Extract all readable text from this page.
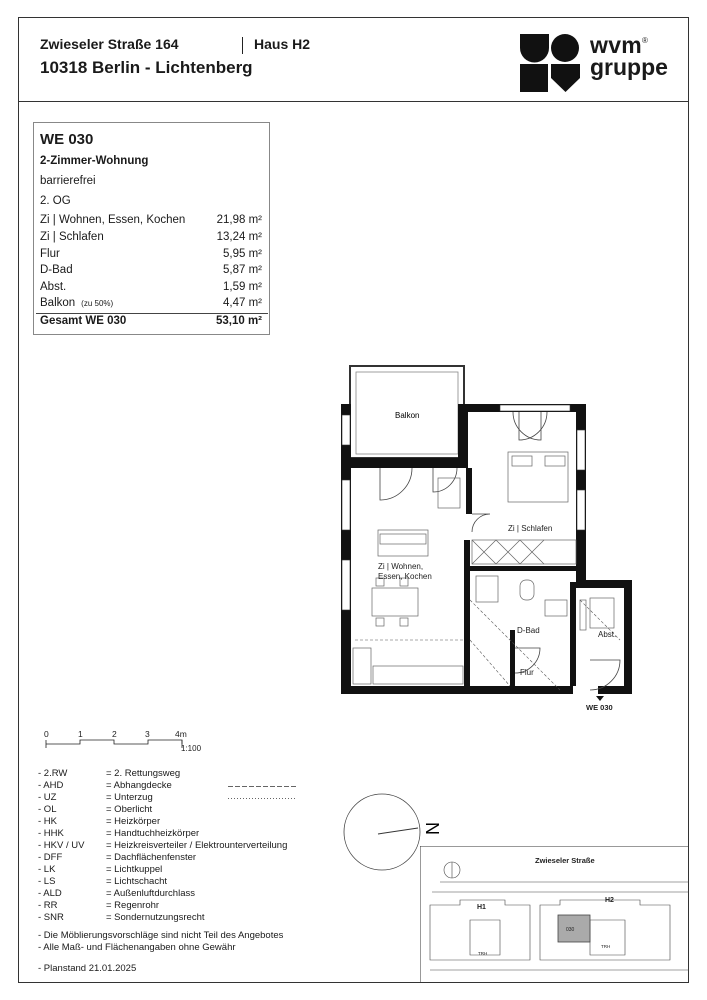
Zwieseler Straße 164
10318 Berlin - Lichtenberg
Haus H2	wvm®
gruppe
WE 030
2-Zimmer-Wohnung
barrierefrei
2. OG
Zi | Wohnen, Essen, Kochen	21,98 m²
Zi | Schlafen	13,24 m²
Flur	5,95 m²
D-Bad	5,87 m²
Abst.	1,59 m²
Balkon (zu 50%)	4,47 m²
Gesamt WE 030	53,10 m²
Balkon
Zi | Schlafen
Zi | Wohnen,
Essen, Kochen
D-Bad	Abst.
Flur
WE 030
0	1	2	3	4m
1:100
- 2.RW	= 2. Rettungsweg
- AHD	= Abhangdecke
- UZ	= Unterzug
- OL	= Oberlicht
- HK	= Heizkörper
- HHK	= Handtuchheizkörper
- HKV / UV = Heizkreisverteiler / Elektrounterverteilung
- DFF	= Dachflächenfenster
- LK	= Lichtkuppel
- LS	= Lichtschacht
- ALD	= Außenluftdurchlass
- RR	= Regenrohr
- SNR	= Sondernutzungsrecht
- Die Möblierungsvorschläge sind nicht Teil des Angebotes
- Alle Maß- und Flächenangaben ohne Gewähr
- Planstand 21.01.2025
N
Zwieseler Straße
H1
H2
030
TRH
TRH
